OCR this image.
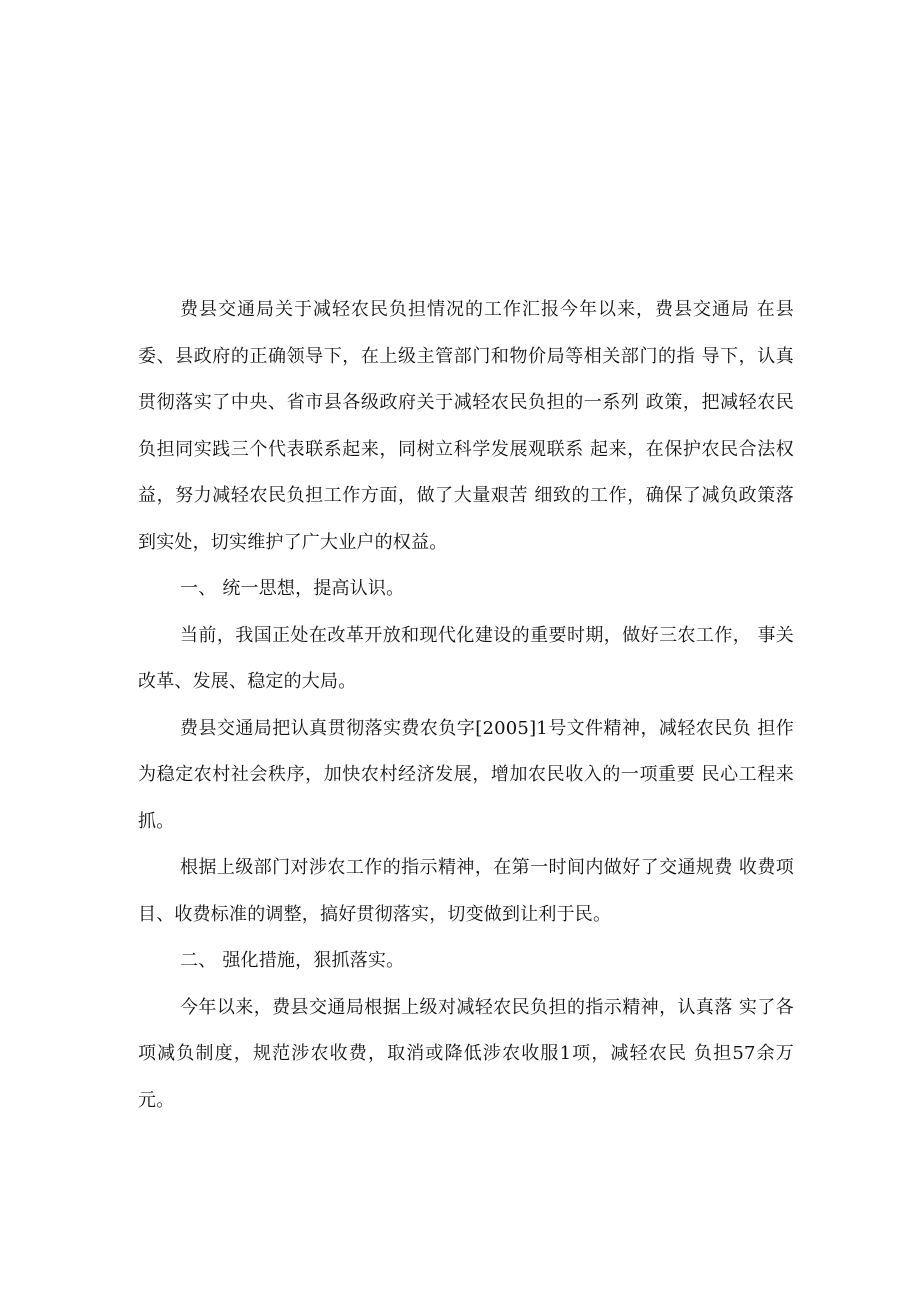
费县交通局关于减轻农民负担情况的工作汇报今年以来，费县交通局 在县委、县政府的正确领导下，在上级主管部门和物价局等相关部门的指 导下，认真贯彻落实了中央、省市县各级政府关于减轻农民负担的一系列 政策，把减轻农民负担同实践三个代表联系起来，同树立科学发展观联系 起来，在保护农民合法权益，努力减轻农民负担工作方面，做了大量艰苦 细致的工作，确保了减负政策落到实处，切实维护了广大业户的权益。

一、 统一思想，提高认识。

当前，我国正处在改革开放和现代化建设的重要时期，做好三农工作， 事关改革、发展、稳定的大局。

费县交通局把认真贯彻落实费农负字[2005]1号文件精神，减轻农民负 担作为稳定农村社会秩序，加快农村经济发展，增加农民收入的一项重要 民心工程来抓。

根据上级部门对涉农工作的指示精神，在第一时间内做好了交通规费 收费项目、收费标准的调整，搞好贯彻落实，切变做到让利于民。

二、 强化措施，狠抓落实。

今年以来，费县交通局根据上级对减轻农民负担的指示精神，认真落 实了各项减负制度，规范涉农收费，取消或降低涉农收服1项，减轻农民 负担57余万元。
